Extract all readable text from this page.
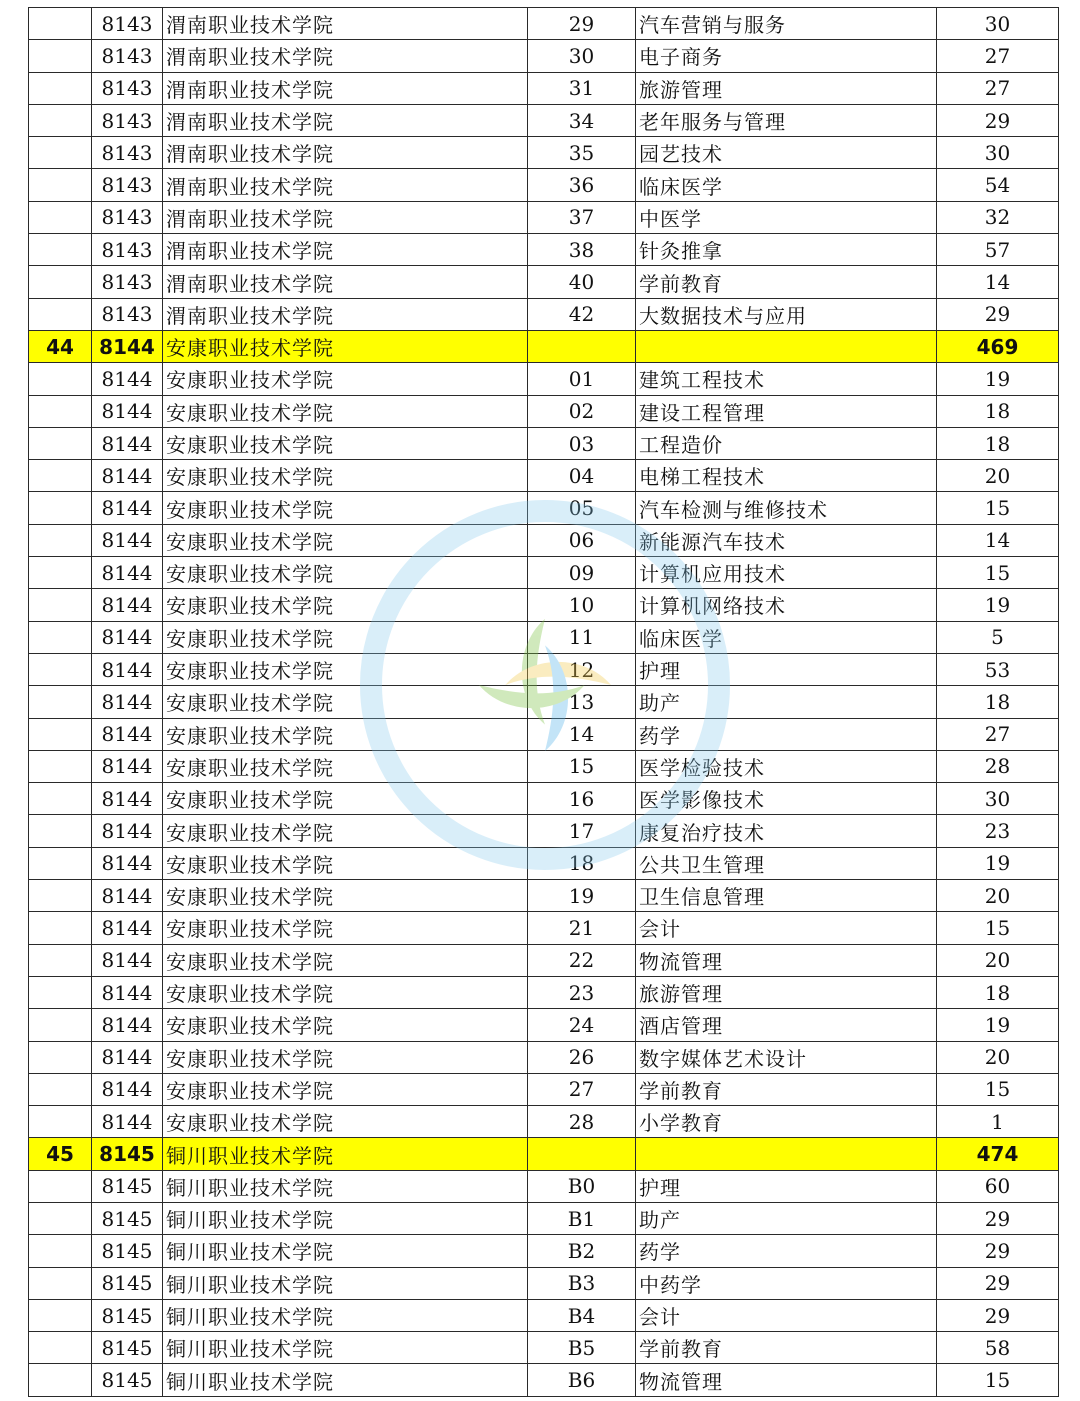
	8143	渭南职业技术学院	29	汽车营销与服务	30
	8143	渭南职业技术学院	30	电子商务	27
	8143	渭南职业技术学院	31	旅游管理	27
	8143	渭南职业技术学院	34	老年服务与管理	29
	8143	渭南职业技术学院	35	园艺技术	30
	8143	渭南职业技术学院	36	临床医学	54
	8143	渭南职业技术学院	37	中医学	32
	8143	渭南职业技术学院	38	针灸推拿	57
	8143	渭南职业技术学院	40	学前教育	14
	8143	渭南职业技术学院	42	大数据技术与应用	29
44	8144	安康职业技术学院			469
	8144	安康职业技术学院	01	建筑工程技术	19
	8144	安康职业技术学院	02	建设工程管理	18
	8144	安康职业技术学院	03	工程造价	18
	8144	安康职业技术学院	04	电梯工程技术	20
	8144	安康职业技术学院	05	汽车检测与维修技术	15
	8144	安康职业技术学院	06	新能源汽车技术	14
	8144	安康职业技术学院	09	计算机应用技术	15
	8144	安康职业技术学院	10	计算机网络技术	19
	8144	安康职业技术学院	11	临床医学	5
	8144	安康职业技术学院	12	护理	53
	8144	安康职业技术学院	13	助产	18
	8144	安康职业技术学院	14	药学	27
	8144	安康职业技术学院	15	医学检验技术	28
	8144	安康职业技术学院	16	医学影像技术	30
	8144	安康职业技术学院	17	康复治疗技术	23
	8144	安康职业技术学院	18	公共卫生管理	19
	8144	安康职业技术学院	19	卫生信息管理	20
	8144	安康职业技术学院	21	会计	15
	8144	安康职业技术学院	22	物流管理	20
	8144	安康职业技术学院	23	旅游管理	18
	8144	安康职业技术学院	24	酒店管理	19
	8144	安康职业技术学院	26	数字媒体艺术设计	20
	8144	安康职业技术学院	27	学前教育	15
	8144	安康职业技术学院	28	小学教育	1
45	8145	铜川职业技术学院			474
	8145	铜川职业技术学院	B0	护理	60
	8145	铜川职业技术学院	B1	助产	29
	8145	铜川职业技术学院	B2	药学	29
	8145	铜川职业技术学院	B3	中药学	29
	8145	铜川职业技术学院	B4	会计	29
	8145	铜川职业技术学院	B5	学前教育	58
	8145	铜川职业技术学院	B6	物流管理	15
